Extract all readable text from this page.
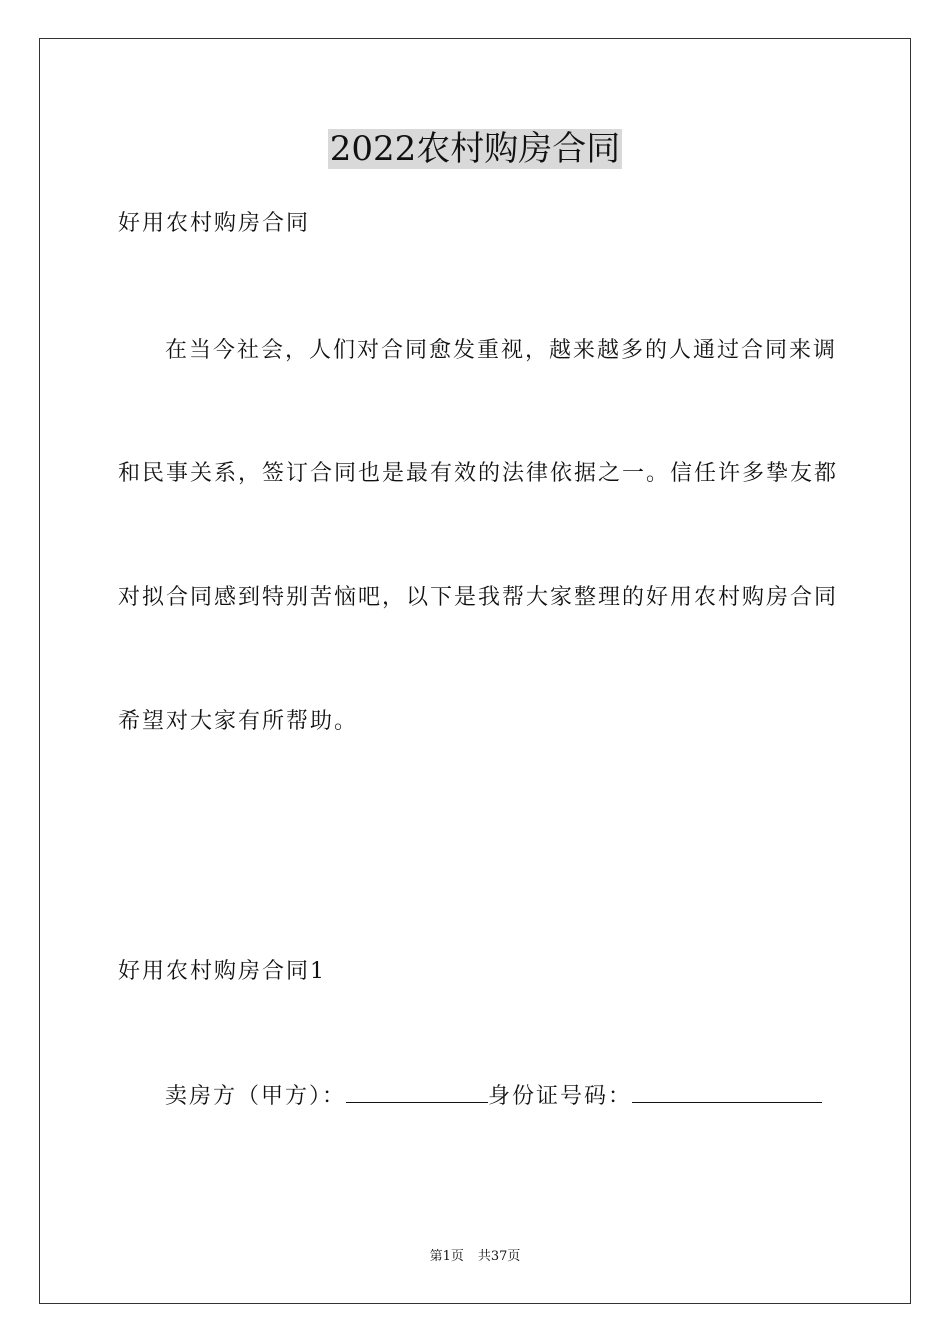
2022农村购房合同
好用农村购房合同
在当今社会，人们对合同愈发重视，越来越多的人通过合同来调
和民事关系，签订合同也是最有效的法律依据之一。信任许多挚友都
对拟合同感到特别苦恼吧，以下是我帮大家整理的好用农村购房合同
希望对大家有所帮助。
好用农村购房合同1
卖房方（甲方）：	身份证号码：
第1页 共37页
